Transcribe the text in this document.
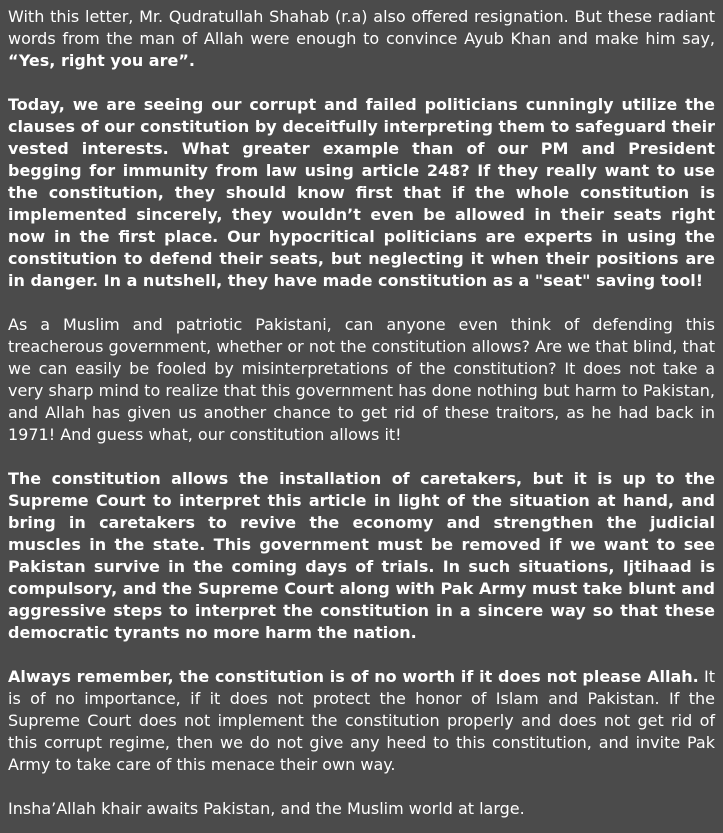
With this letter, Mr. Qudratullah Shahab (r.a) also offered resignation. But these radiant words from the man of Allah were enough to convince Ayub Khan and make him say, “Yes, right you are”.

Today, we are seeing our corrupt and failed politicians cunningly utilize the clauses of our constitution by deceitfully interpreting them to safeguard their vested interests. What greater example than of our PM and President begging for immunity from law using article 248? If they really want to use the constitution, they should know first that if the whole constitution is implemented sincerely, they wouldn’t even be allowed in their seats right now in the first place. Our hypocritical politicians are experts in using the constitution to defend their seats, but neglecting it when their positions are in danger. In a nutshell, they have made constitution as a "seat" saving tool!

As a Muslim and patriotic Pakistani, can anyone even think of defending this treacherous government, whether or not the constitution allows? Are we that blind, that we can easily be fooled by misinterpretations of the constitution? It does not take a very sharp mind to realize that this government has done nothing but harm to Pakistan, and Allah has given us another chance to get rid of these traitors, as he had back in 1971! And guess what, our constitution allows it!

The constitution allows the installation of caretakers, but it is up to the Supreme Court to interpret this article in light of the situation at hand, and bring in caretakers to revive the economy and strengthen the judicial muscles in the state. This government must be removed if we want to see Pakistan survive in the coming days of trials. In such situations, Ijtihaad is compulsory, and the Supreme Court along with Pak Army must take blunt and aggressive steps to interpret the constitution in a sincere way so that these democratic tyrants no more harm the nation.

Always remember, the constitution is of no worth if it does not please Allah. It is of no importance, if it does not protect the honor of Islam and Pakistan. If the Supreme Court does not implement the constitution properly and does not get rid of this corrupt regime, then we do not give any heed to this constitution, and invite Pak Army to take care of this menace their own way.

Insha’Allah khair awaits Pakistan, and the Muslim world at large.
